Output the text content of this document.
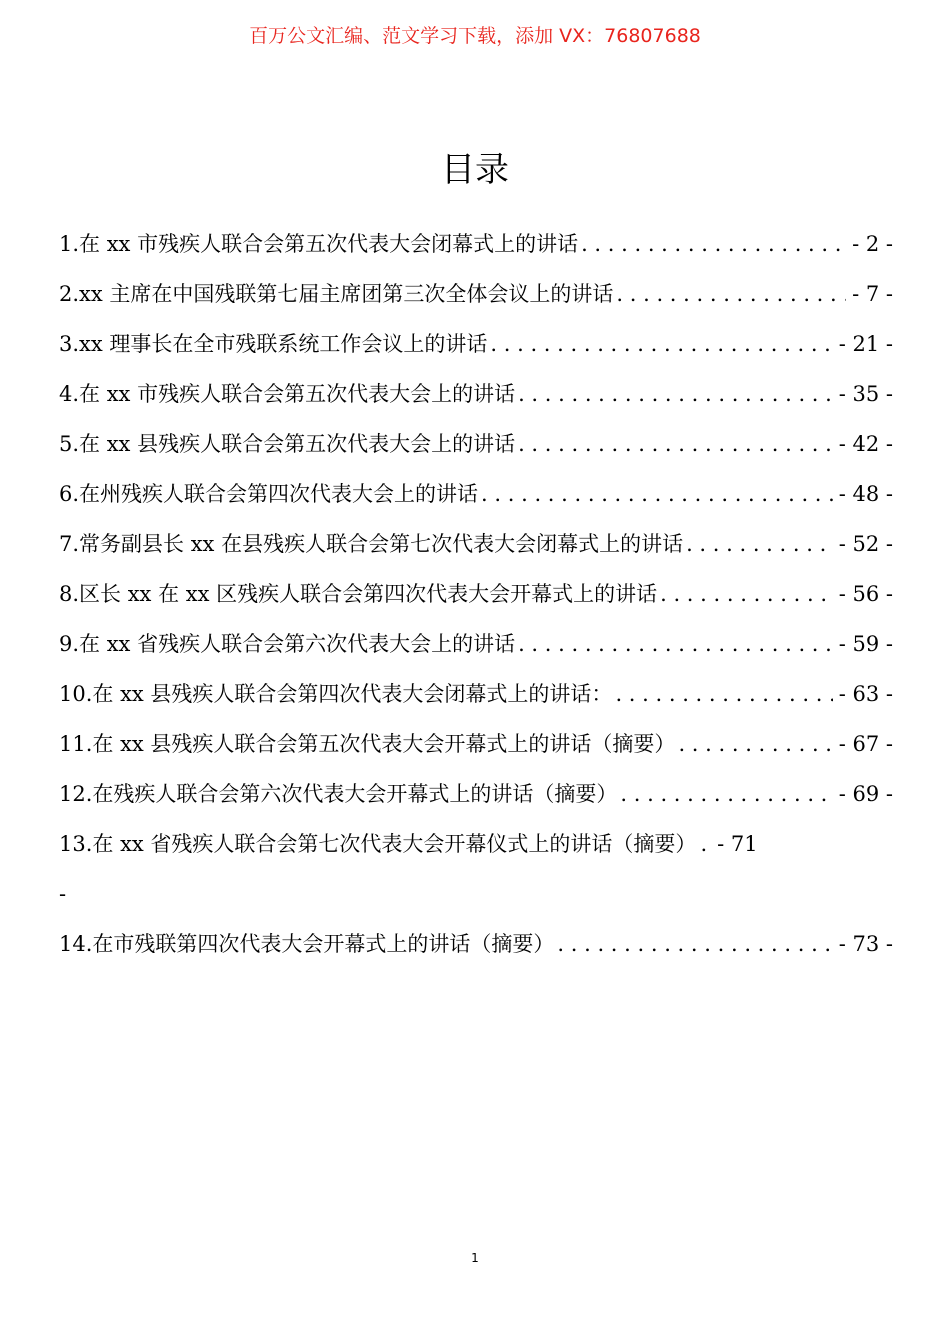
百万公文汇编、范文学习下载，添加 VX：76807688
目录
1.在 xx 市残疾人联合会第五次代表大会闭幕式上的讲话 . . .	- 2 -
2.xx 主席在中国残联第七届主席团第三次全体会议上的讲话 . . .	- 7 -
3.xx 理事长在全市残联系统工作会议上的讲话 . . .	- 21 -
4.在 xx 市残疾人联合会第五次代表大会上的讲话 . . .	- 35 -
5.在 xx 县残疾人联合会第五次代表大会上的讲话 . . .	- 42 -
6.在州残疾人联合会第四次代表大会上的讲话 . . .	- 48 -
7.常务副县长 xx 在县残疾人联合会第七次代表大会闭幕式上的讲话 . . .	- 52 -
8.区长 xx 在 xx 区残疾人联合会第四次代表大会开幕式上的讲话 . . .	- 56 -
9.在 xx 省残疾人联合会第六次代表大会上的讲话 . . .	- 59 -
10.在 xx 县残疾人联合会第四次代表大会闭幕式上的讲话： . . .	- 63 -
11.在 xx 县残疾人联合会第五次代表大会开幕式上的讲话（摘要） . . .	- 67 -
12.在残疾人联合会第六次代表大会开幕式上的讲话（摘要） . . .	- 69 -
13.在 xx 省残疾人联合会第七次代表大会开幕仪式上的讲话（摘要） . - 71
-
14.在市残联第四次代表大会开幕式上的讲话（摘要） . . .	- 73 -
1
